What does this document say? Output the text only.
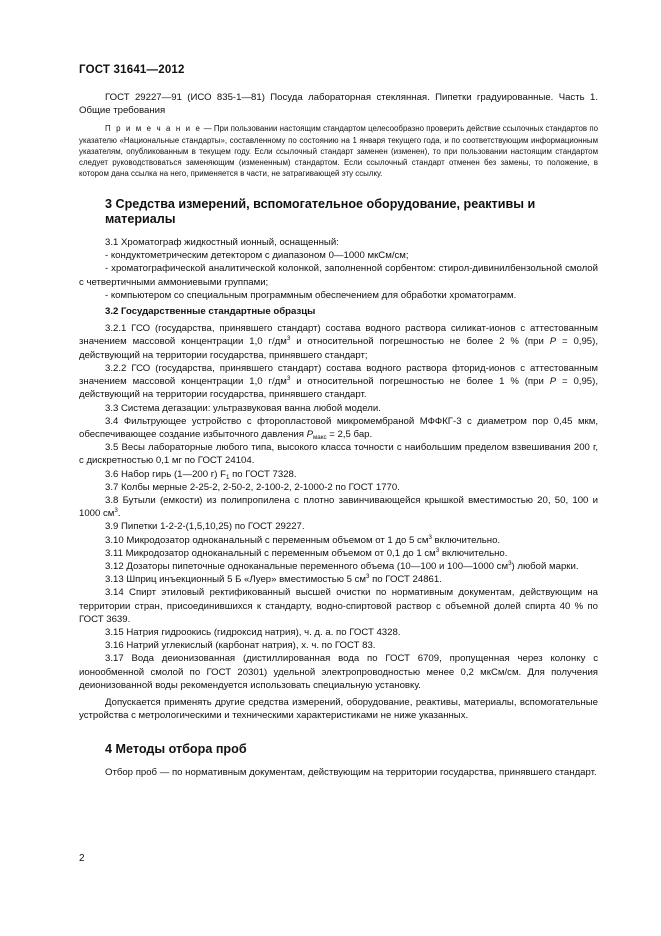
ГОСТ 31641—2012

ГОСТ 29227—91 (ИСО 835-1—81) Посуда лабораторная стеклянная. Пипетки градуированные. Часть 1. Общие требования

П р и м е ч а н и е — При пользовании настоящим стандартом целесообразно проверить действие ссылочных стандартов по указателю «Национальные стандарты», составленному по состоянию на 1 января текущего года, и по соответствующим информационным указателям, опубликованным в текущем году. Если ссылочный стандарт заменен (изменен), то при пользовании настоящим стандартом следует руководствоваться заменяющим (измененным) стандартом. Если ссылочный стандарт отменен без замены, то положение, в котором дана ссылка на него, применяется в части, не затрагивающей эту ссылку.

3 Средства измерений, вспомогательное оборудование, реактивы и материалы

3.1 Хроматограф жидкостный ионный, оснащенный:

- кондуктометрическим детектором с диапазоном 0—1000 мкСм/см;

- хроматографической аналитической колонкой, заполненной сорбентом: стирол-дивинилбензольной смолой с четвертичными аммониевыми группами;

- компьютером со специальным программным обеспечением для обработки хроматограмм.

3.2 Государственные стандартные образцы

3.2.1 ГСО (государства, принявшего стандарт) состава водного раствора силикат-ионов с аттестованным значением массовой концентрации 1,0 $г/дм^3$ и относительной погрешностью не более 2 % (при P = 0,95), действующий на территории государства, принявшего стандарт;

3.2.2 ГСО (государства, принявшего стандарт) состава водного раствора фторид-ионов с аттестованным значением массовой концентрации 1,0 $г/дм^3$ и относительной погрешностью не более 1 % (при P = 0,95), действующий на территории государства, принявшего стандарт.

3.3 Система дегазации: ультразвуковая ванна любой модели.

3.4 Фильтрующее устройство с фторопластовой микромембраной МФФКГ-3 с диаметром пор 0,45 мкм, обеспечивающее создание избыточного давления $P_{макс} = 2,5$ бар.

3.5 Весы лабораторные любого типа, высокого класса точности с наибольшим пределом взвешивания 200 г, с дискретностью 0,1 мг по ГОСТ 24104.

3.6 Набор гирь (1—200 г) $F_1$ по ГОСТ 7328.

3.7 Колбы мерные 2-25-2, 2-50-2, 2-100-2, 2-1000-2 по ГОСТ 1770.

3.8 Бутыли (емкости) из полипропилена с плотно завинчивающейся крышкой вместимостью 20, 50, 100 и 1000 $см^3$.

3.9 Пипетки 1-2-2-(1,5,10,25) по ГОСТ 29227.

3.10 Микродозатор одноканальный с переменным объемом от 1 до 5 $см^3$ включительно.

3.11 Микродозатор одноканальный с переменным объемом от 0,1 до 1 $см^3$ включительно.

3.12 Дозаторы пипеточные одноканальные переменного объема (10—100 и 100—1000 $см^3$) любой марки.

3.13 Шприц инъекционный 5 Б «Луер» вместимостью 5 $см^3$ по ГОСТ 24861.

3.14 Спирт этиловый ректификованный высшей очистки по нормативным документам, действующим на территории стран, присоединившихся к стандарту, водно-спиртовой раствор с объемной долей спирта 40 % по ГОСТ 3639.

3.15 Натрия гидроокись (гидроксид натрия), ч. д. а. по ГОСТ 4328.

3.16 Натрий углекислый (карбонат натрия), х. ч. по ГОСТ 83.

3.17 Вода деионизованная (дистиллированная вода по ГОСТ 6709, пропущенная через колонку с ионообменной смолой по ГОСТ 20301) удельной электропроводностью менее 0,2 мкСм/см. Для получения деионизованной воды рекомендуется использовать специальную установку.

Допускается применять другие средства измерений, оборудование, реактивы, материалы, вспомогательные устройства с метрологическими и техническими характеристиками не ниже указанных.

4 Методы отбора проб

Отбор проб — по нормативным документам, действующим на территории государства, принявшего стандарт.

2
